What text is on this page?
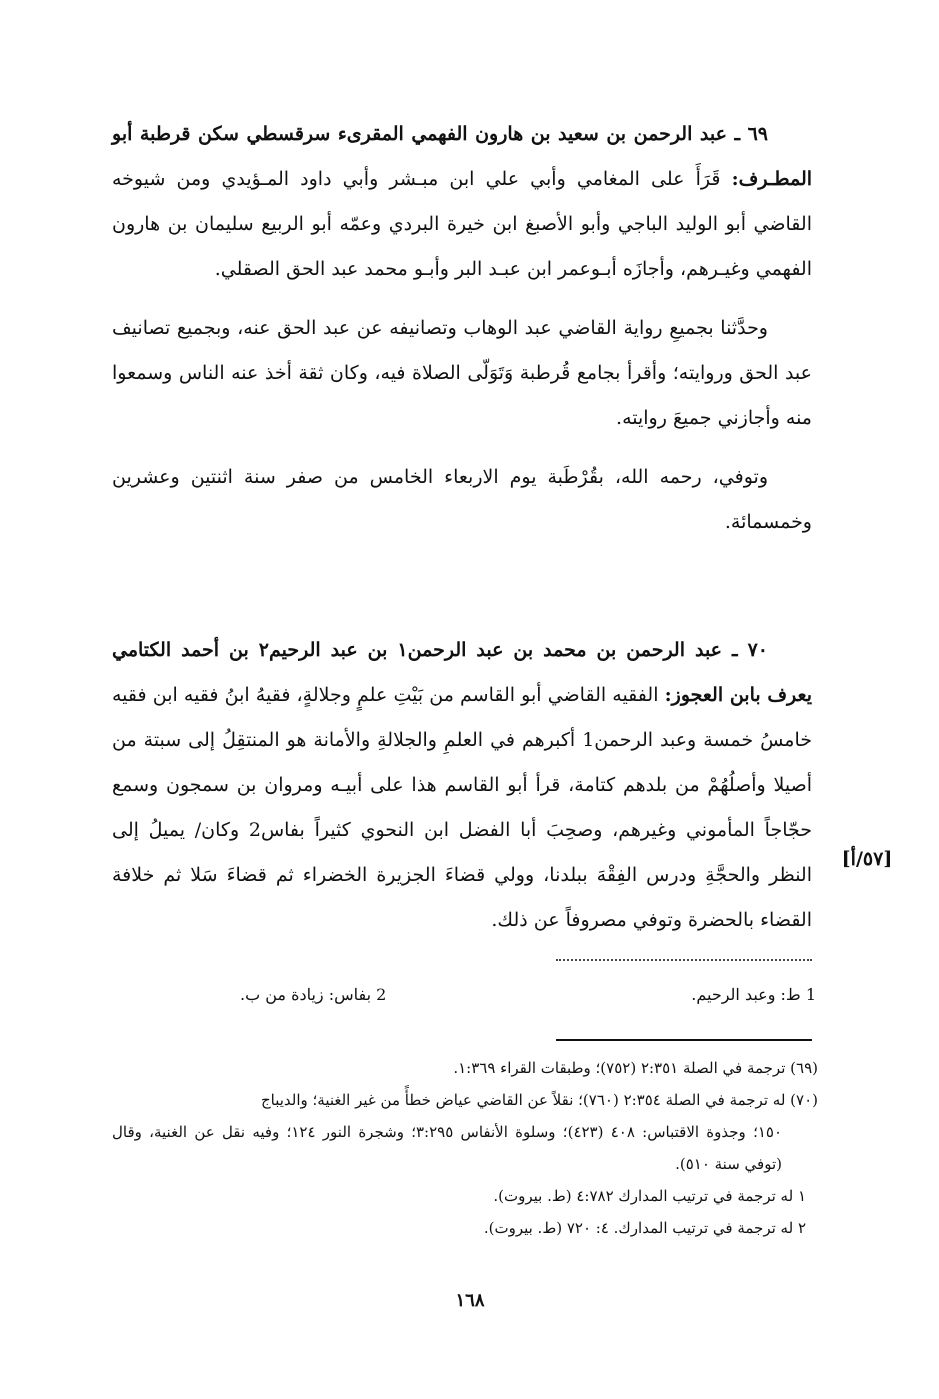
٦٩ ـ عبد الرحمن بن سعيد بن هارون الفهمي المقرىء سرقسطي سكن قرطبة أبو المطـرف: قَرَأَ على المغامي وأبي علي ابن مبـشر وأبي داود المـؤيدي ومن شيوخه القاضي أبو الوليد الباجي وأبو الأصبغ ابن خيرة البردي وعمّه أبو الربيع سليمان بن هارون الفهمي وغيـرهم، وأجازَه أبـوعمر ابن عبـد البر وأبـو محمد عبد الحق الصقلي.

وحدَّثنا بجميعِ رواية القاضي عبد الوهاب وتصانيفه عن عبد الحق عنه، وبجميع تصانيف عبد الحق وروايته؛ وأقرأ بجامع قُرطبة وَتَوَلّى الصلاة فيه، وكان ثقة أخذ عنه الناس وسمعوا منه وأجازني جميعَ روايته.

وتوفي، رحمه الله، بقُرْطَبة يوم الاربعاء الخامس من صفر سنة اثنتين وعشرين وخمسمائة.

٧٠ ـ عبد الرحمن بن محمد بن عبد الرحمن١ بن عبد الرحيم٢ بن أحمد الكتامي يعرف بابن العجوز: الفقيه القاضي أبو القاسم من بَيْتِ علمٍ وجلالةٍ، فقيهُ ابنُ فقيه ابن فقيه خامسُ خمسة وعبد الرحمن1 أكبرهم في العلمِ والجلالةِ والأمانة هو المنتقِلُ إلى سبتة من أصيلا وأصلُهُمْ من بلدهم كتامة، قرأ أبو القاسم هذا على أبيـه ومروان بن سمجون وسمع حجّاجاً المأموني وغيرهم، وصحِبَ أبا الفضل ابن النحوي كثيراً بفاس2 وكان/ يميلُ إلى النظر والحجَّةِ ودرس الفِقْهَ ببلدنا، وولي قضاءَ الجزيرة الخضراء ثم قضاءَ سَلا ثم خلافة القضاء بالحضرة وتوفي مصروفاً عن ذلك.

[٥٧/أ]
1 ط: وعبد الرحيم.
2 بفاس: زيادة من ب.

(٦٩) ترجمة في الصلة ٢:٣٥١ (٧٥٢)؛ وطبقات القراء ١:٣٦٩.

(٧٠) له ترجمة في الصلة ٢:٣٥٤ (٧٦٠)؛ نقلاً عن القاضي عياض خطأً من غير الغنية؛ والديباج

١٥٠؛ وجذوة الاقتباس: ٤٠٨ (٤٢٣)؛ وسلوة الأنفاس ٣:٢٩٥؛ وشجرة النور ١٢٤؛ وفيه نقل عن الغنية، وقال (توفي سنة ٥١٠).

١ له ترجمة في ترتيب المدارك ٤:٧٨٢ (ط. بيروت).

٢ له ترجمة في ترتيب المدارك. ٤: ٧٢٠ (ط. بيروت).

١٦٨
